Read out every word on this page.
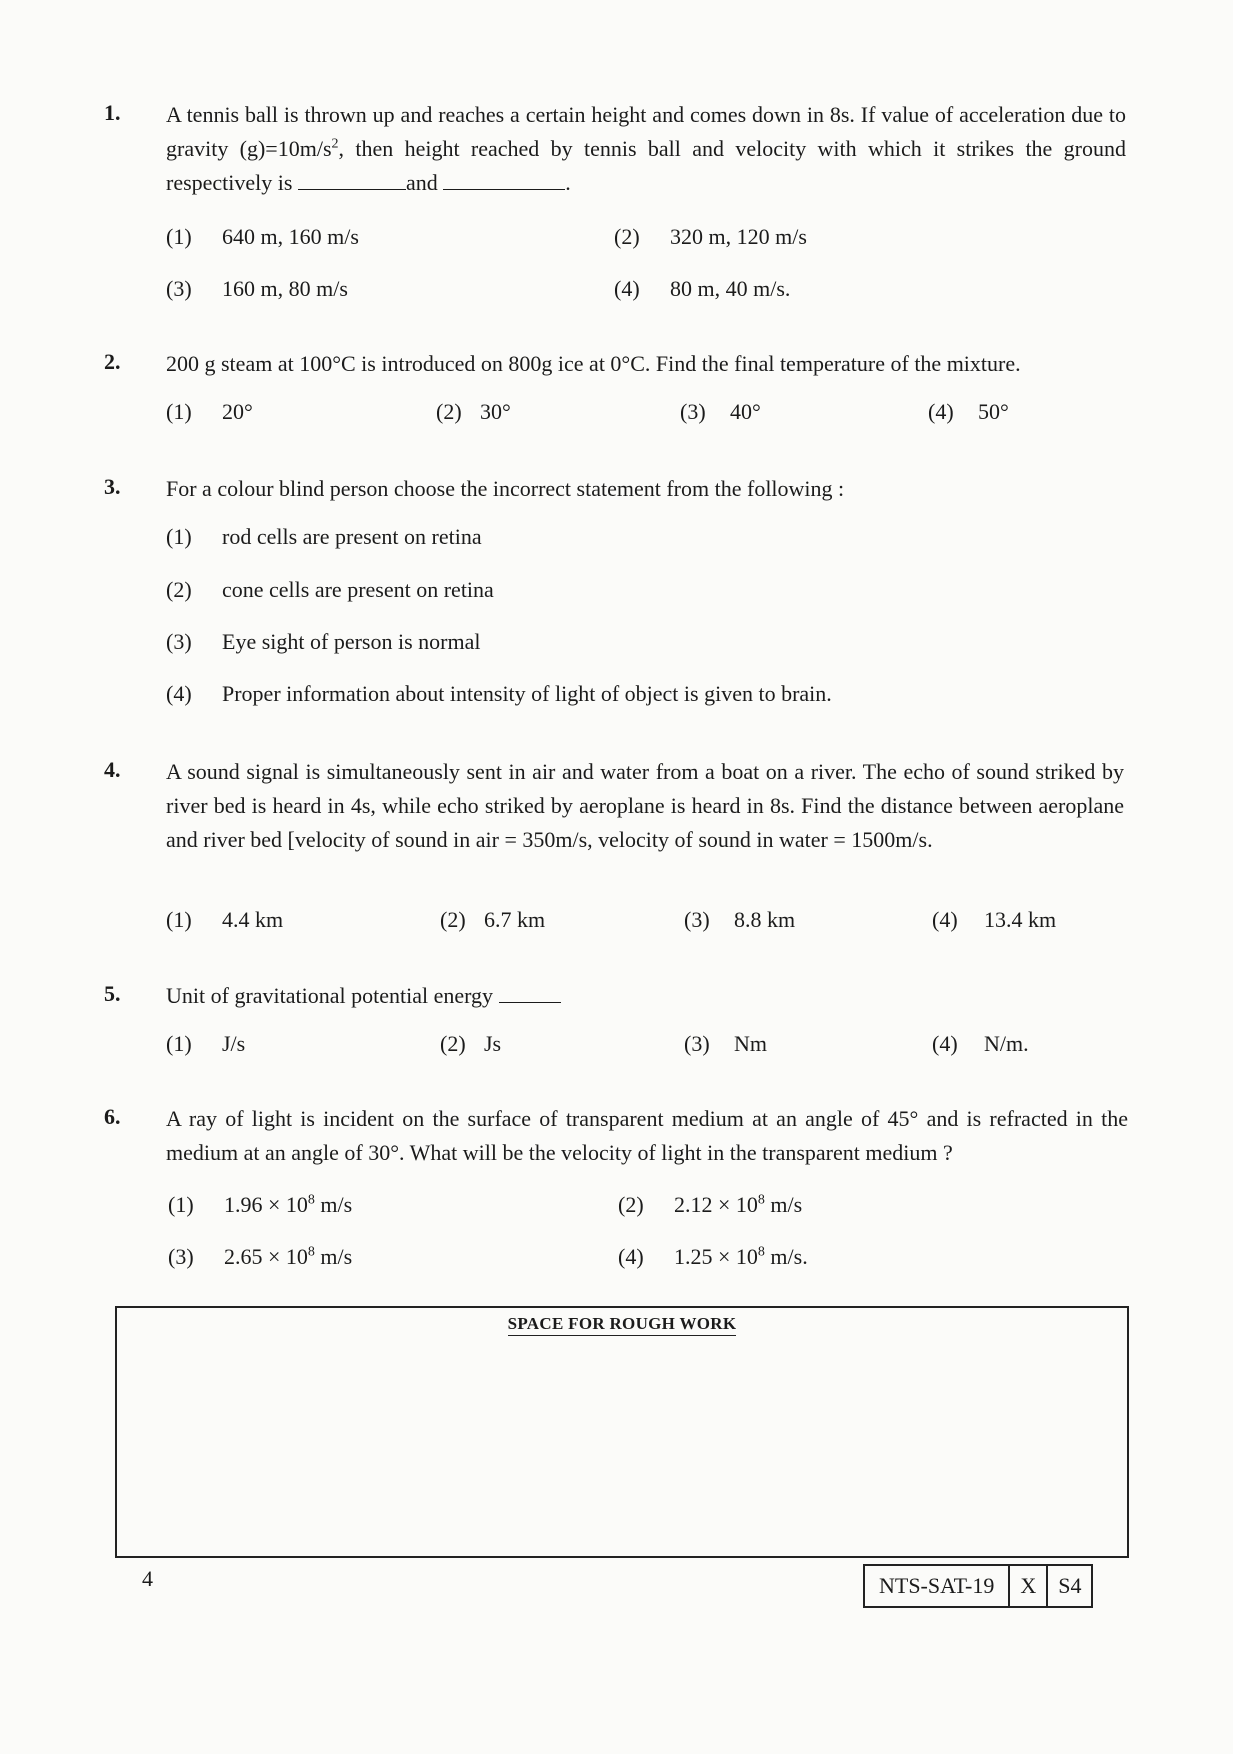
1. A tennis ball is thrown up and reaches a certain height and comes down in 8s. If value of acceleration due to gravity $(g)=10m/s^2$, then height reached by tennis ball and velocity with which it strikes the ground respectively is	and	.
(1) 640 m, 160 m/s	(2) 320 m, 120 m/s
(3) 160 m, 80 m/s	(4) 80 m, 40 m/s.
2. 200 g steam at 100°C is introduced on 800g ice at 0°C. Find the final temperature of the mixture.
(1) 20°	(2) 30°	(3) 40°	(4) 50°
3. For a colour blind person choose the incorrect statement from the following :
(1) rod cells are present on retina
(2) cone cells are present on retina
(3) Eye sight of person is normal
(4) Proper information about intensity of light of object is given to brain.
4. A sound signal is simultaneously sent in air and water from a boat on a river. The echo of sound striked by river bed is heard in 4s, while echo striked by aeroplane is heard in 8s. Find the distance between aeroplane and river bed [velocity of sound in air = 350m/s, velocity of sound in water = 1500m/s.
(1) 4.4 km	(2) 6.7 km	(3) 8.8 km	(4) 13.4 km
5. Unit of gravitational potential energy
(1) J/s	(2) Js	(3) Nm	(4) N/m.
6. A ray of light is incident on the surface of transparent medium at an angle of 45° and is refracted in the medium at an angle of 30°. What will be the velocity of light in the transparent medium ?
(1) $1.96 \times 10^8$ m/s	(2) $2.12 \times 10^8$ m/s
(3) $2.65 \times 10^8$ m/s	(4) $1.25 \times 10^8$ m/s.
SPACE FOR ROUGH WORK
4	NTS-SAT-19	X	S4
